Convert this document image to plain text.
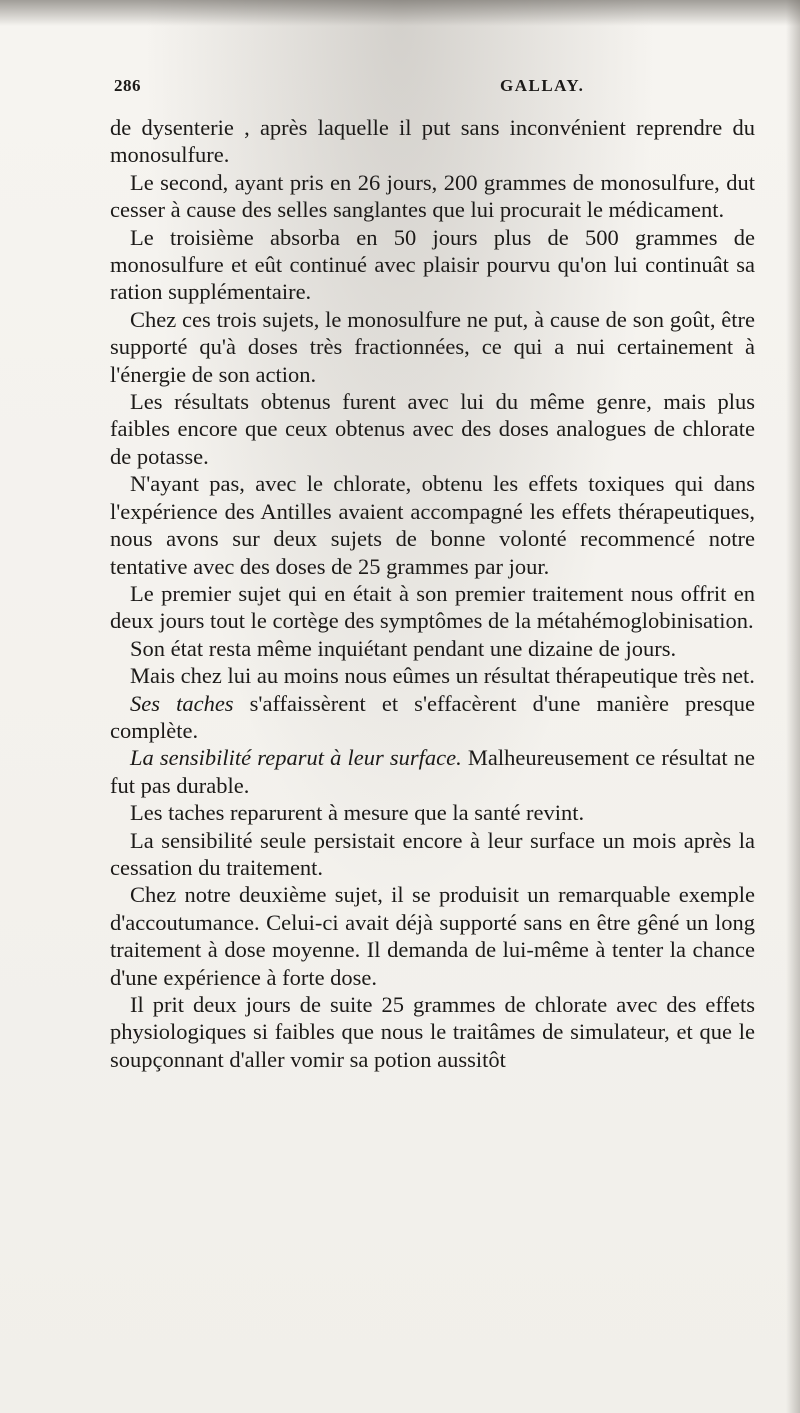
286	GALLAY.

de dysenterie , après laquelle il put sans inconvénient reprendre du monosulfure.

Le second, ayant pris en 26 jours, 200 grammes de monosulfure, dut cesser à cause des selles sanglantes que lui procurait le médicament.

Le troisième absorba en 50 jours plus de 500 grammes de monosulfure et eût continué avec plaisir pourvu qu'on lui continuât sa ration supplémentaire.

Chez ces trois sujets, le monosulfure ne put, à cause de son goût, être supporté qu'à doses très fractionnées, ce qui a nui certainement à l'énergie de son action.

Les résultats obtenus furent avec lui du même genre, mais plus faibles encore que ceux obtenus avec des doses analogues de chlorate de potasse.

N'ayant pas, avec le chlorate, obtenu les effets toxiques qui dans l'expérience des Antilles avaient accompagné les effets thérapeutiques, nous avons sur deux sujets de bonne volonté recommencé notre tentative avec des doses de 25 grammes par jour.

Le premier sujet qui en était à son premier traitement nous offrit en deux jours tout le cortège des symptômes de la métahémoglobinisation.

Son état resta même inquiétant pendant une dizaine de jours.

Mais chez lui au moins nous eûmes un résultat thérapeutique très net.

Ses taches s'affaissèrent et s'effacèrent d'une manière presque complète.

La sensibilité reparut à leur surface. Malheureusement ce résultat ne fut pas durable.

Les taches reparurent à mesure que la santé revint.

La sensibilité seule persistait encore à leur surface un mois après la cessation du traitement.

Chez notre deuxième sujet, il se produisit un remarquable exemple d'accoutumance. Celui-ci avait déjà supporté sans en être gêné un long traitement à dose moyenne. Il demanda de lui-même à tenter la chance d'une expérience à forte dose.

Il prit deux jours de suite 25 grammes de chlorate avec des effets physiologiques si faibles que nous le traitâmes de simulateur, et que le soupçonnant d'aller vomir sa potion aussitôt
